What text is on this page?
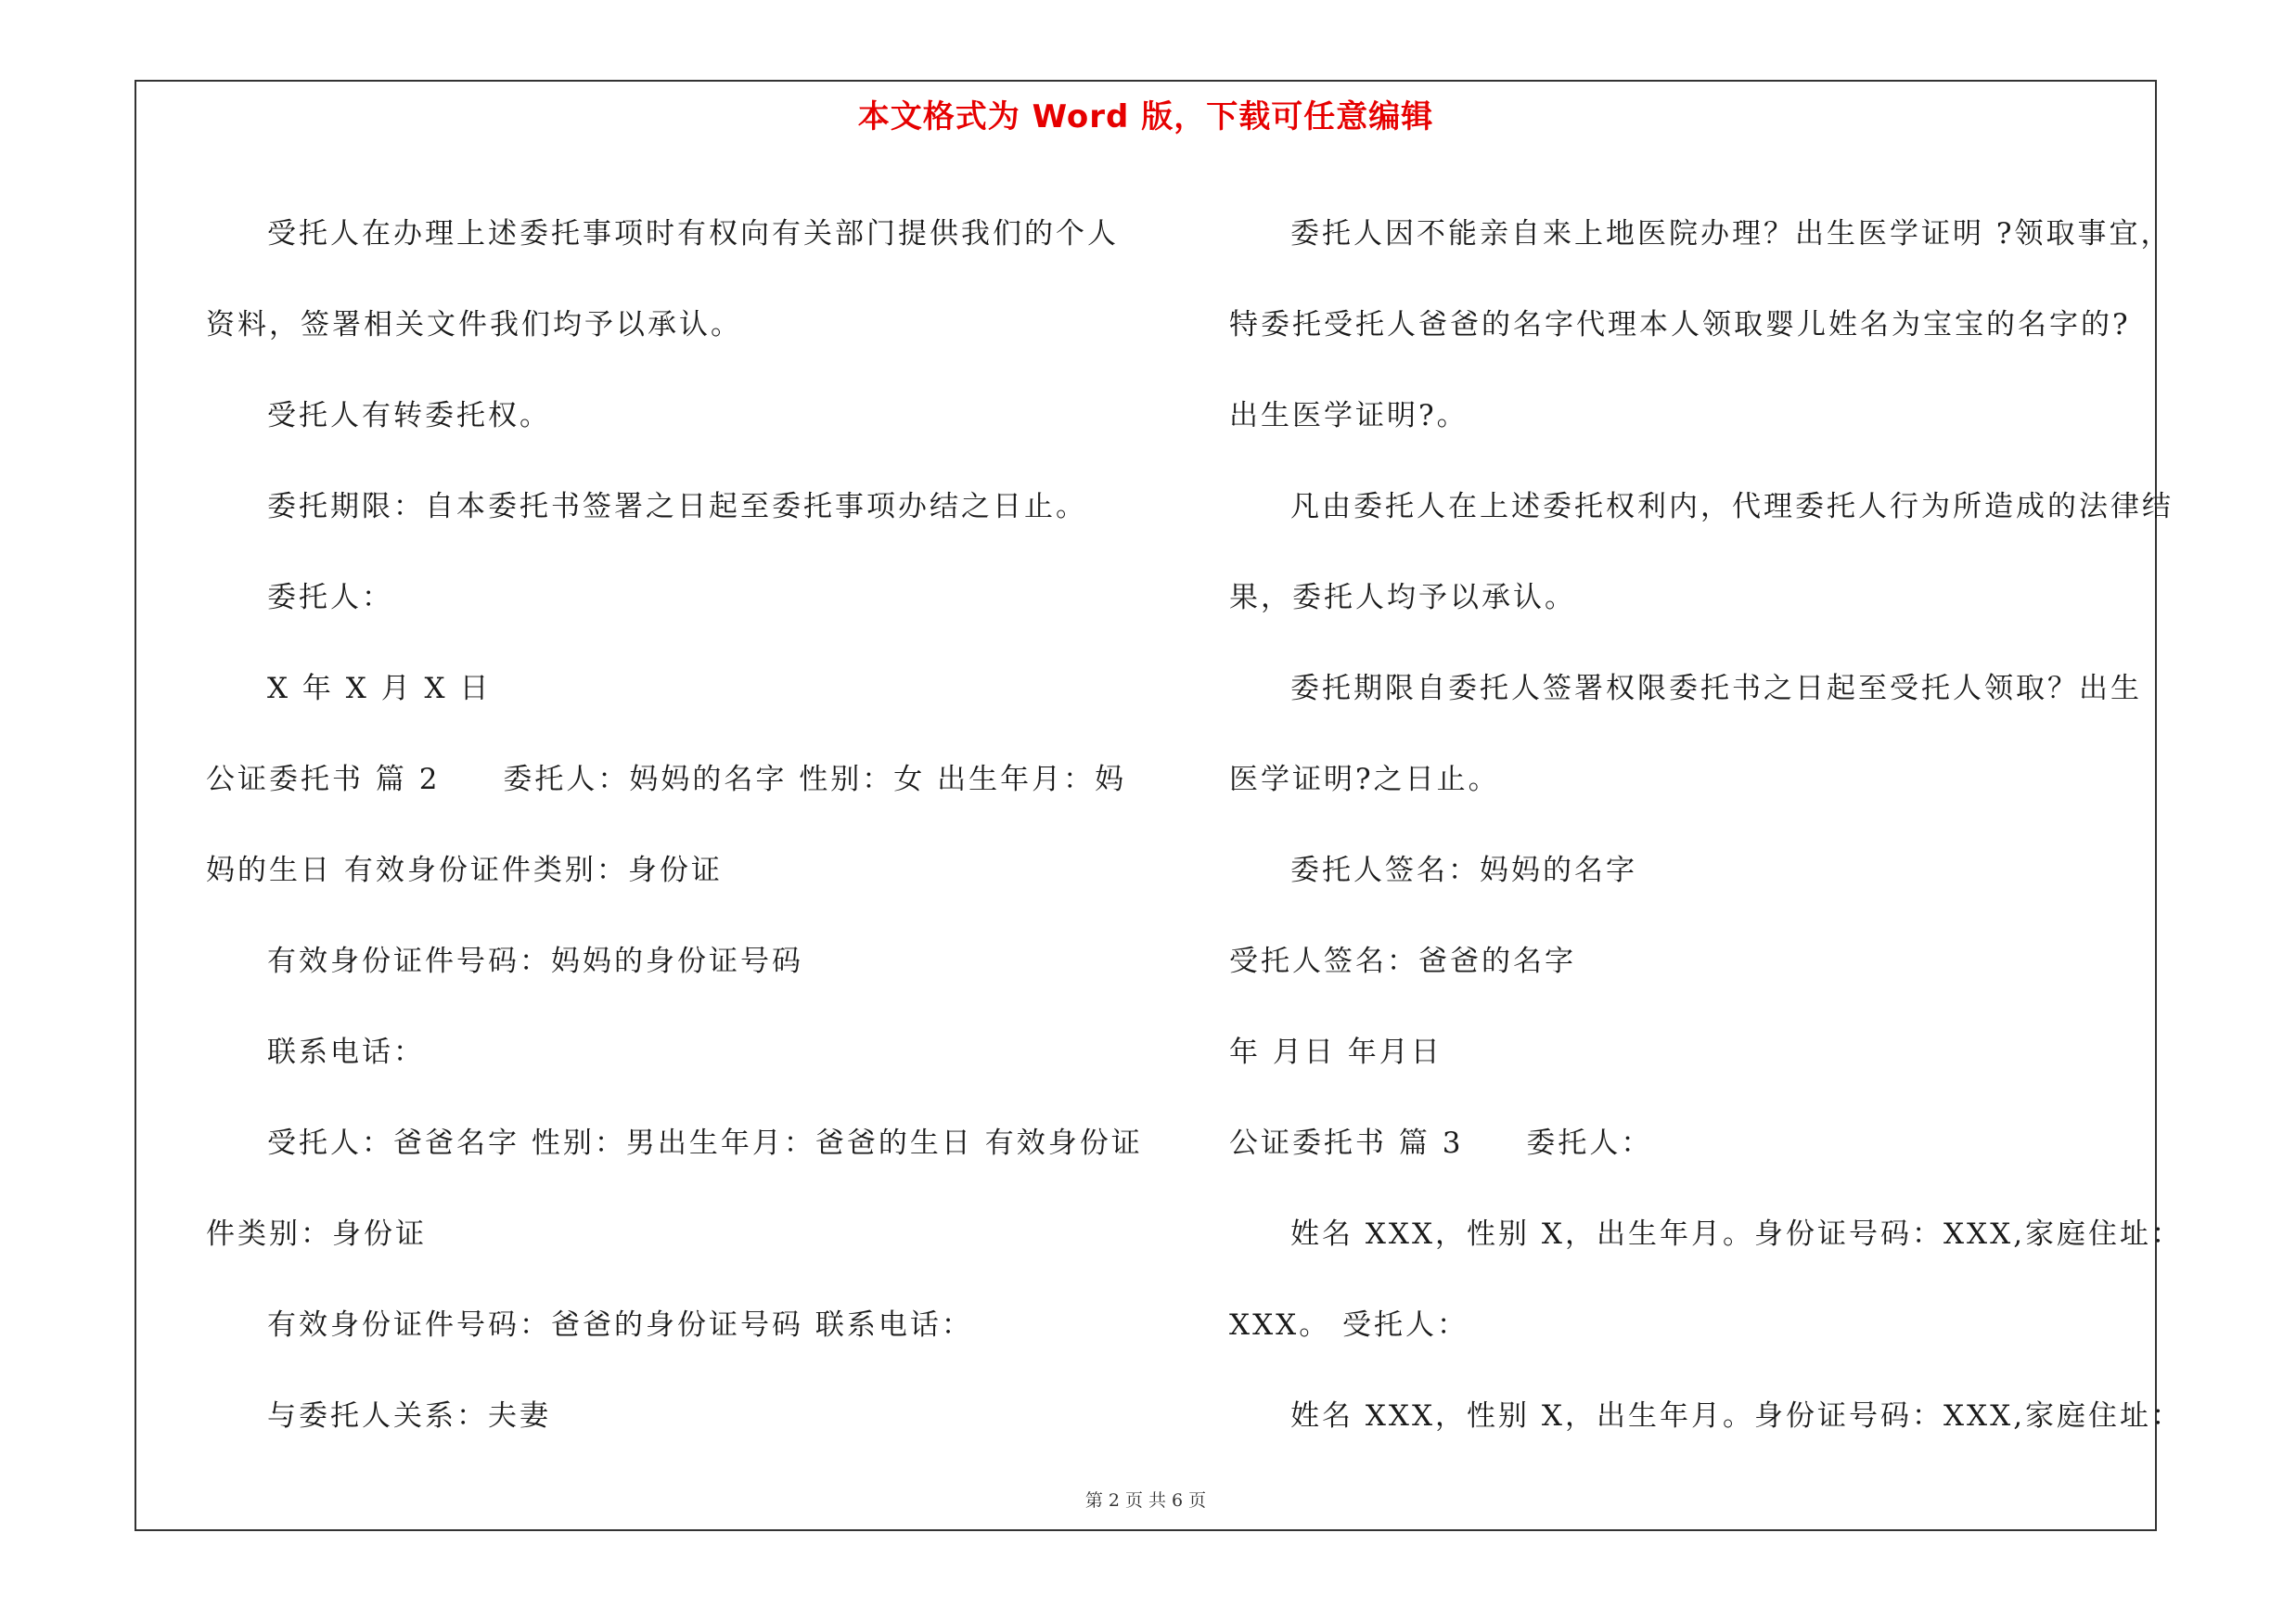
本文格式为 Word 版，下载可任意编辑
受托人在办理上述委托事项时有权向有关部门提供我们的个人
资料，签署相关文件我们均予以承认。
受托人有转委托权。
委托期限：自本委托书签署之日起至委托事项办结之日止。
委托人：
X 年 X 月 X 日
公证委托书 篇 2　　委托人：妈妈的名字 性别：女 出生年月：妈
妈的生日 有效身份证件类别：身份证
有效身份证件号码：妈妈的身份证号码
联系电话：
受托人：爸爸名字 性别：男出生年月：爸爸的生日 有效身份证
件类别：身份证
有效身份证件号码：爸爸的身份证号码 联系电话：
与委托人关系：夫妻
委托人因不能亲自来上地医院办理？出生医学证明 ?领取事宜，
特委托受托人爸爸的名字代理本人领取婴儿姓名为宝宝的名字的?
出生医学证明?。
凡由委托人在上述委托权利内，代理委托人行为所造成的法律结
果，委托人均予以承认。
委托期限自委托人签署权限委托书之日起至受托人领取？出生
医学证明?之日止。
委托人签名：妈妈的名字
受托人签名：爸爸的名字
年 月日 年月日
公证委托书 篇 3　　委托人：
姓名 XXX，性别 X，出生年月。身份证号码：XXX,家庭住址：
XXX。 受托人：
姓名 XXX，性别 X，出生年月。身份证号码：XXX,家庭住址：
第 2 页 共 6 页
